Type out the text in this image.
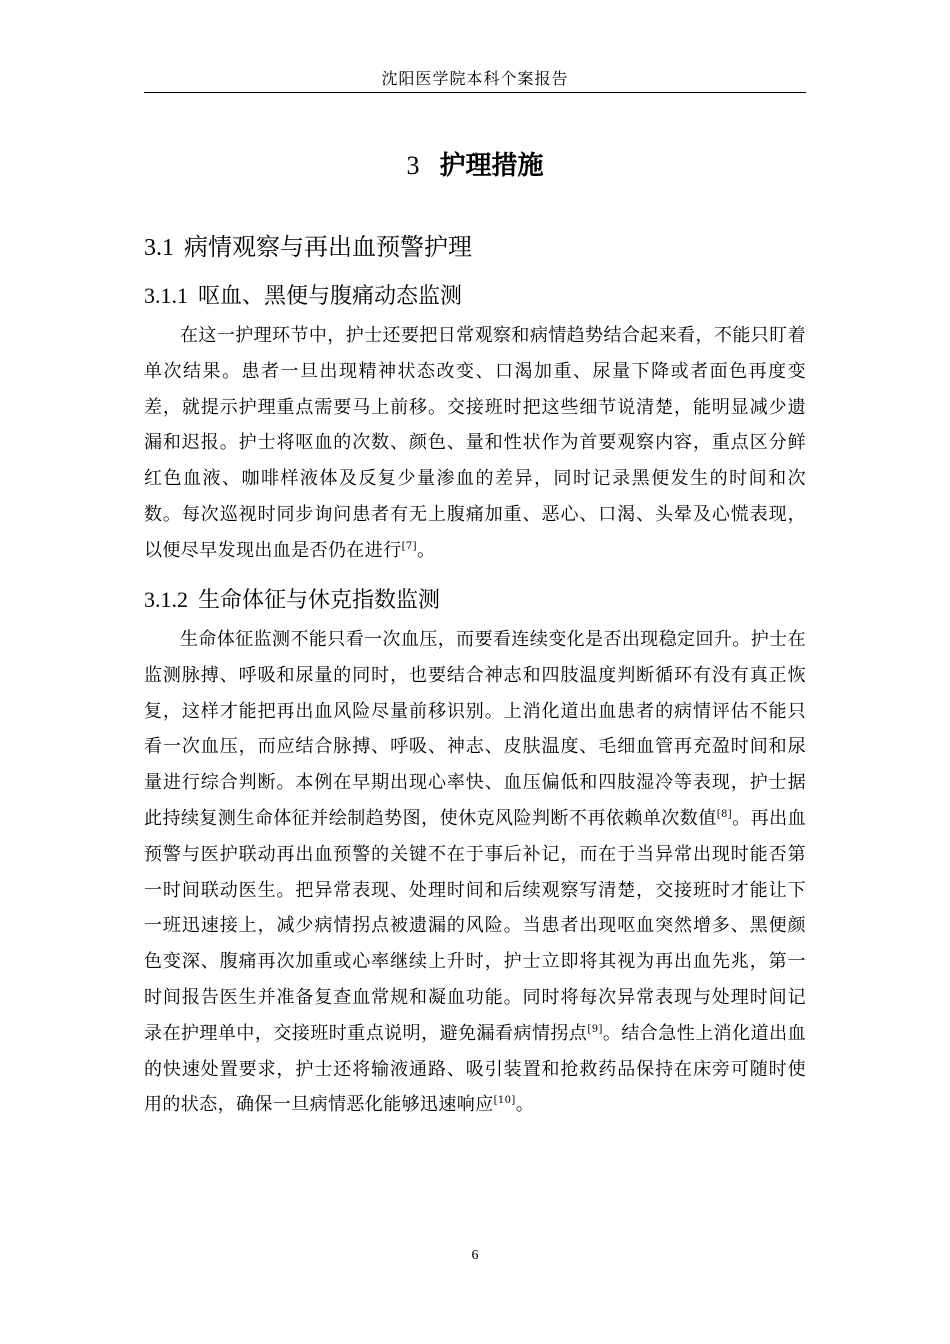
沈阳医学院本科个案报告
3 护理措施
3.1 病情观察与再出血预警护理
3.1.1 呕血、黑便与腹痛动态监测

在这一护理环节中，护士还要把日常观察和病情趋势结合起来看，不能只盯着单次结果。患者一旦出现精神状态改变、口渴加重、尿量下降或者面色再度变差，就提示护理重点需要马上前移。交接班时把这些细节说清楚，能明显减少遗漏和迟报。护士将呕血的次数、颜色、量和性状作为首要观察内容，重点区分鲜红色血液、咖啡样液体及反复少量渗血的差异，同时记录黑便发生的时间和次数。每次巡视时同步询问患者有无上腹痛加重、恶心、口渴、头晕及心慌表现，以便尽早发现出血是否仍在进行[7]。

3.1.2 生命体征与休克指数监测

生命体征监测不能只看一次血压，而要看连续变化是否出现稳定回升。护士在监测脉搏、呼吸和尿量的同时，也要结合神志和四肢温度判断循环有没有真正恢复，这样才能把再出血风险尽量前移识别。上消化道出血患者的病情评估不能只看一次血压，而应结合脉搏、呼吸、神志、皮肤温度、毛细血管再充盈时间和尿量进行综合判断。本例在早期出现心率快、血压偏低和四肢湿冷等表现，护士据此持续复测生命体征并绘制趋势图，使休克风险判断不再依赖单次数值[8]。再出血预警与医护联动再出血预警的关键不在于事后补记，而在于当异常出现时能否第一时间联动医生。把异常表现、处理时间和后续观察写清楚，交接班时才能让下一班迅速接上，减少病情拐点被遗漏的风险。当患者出现呕血突然增多、黑便颜色变深、腹痛再次加重或心率继续上升时，护士立即将其视为再出血先兆，第一时间报告医生并准备复查血常规和凝血功能。同时将每次异常表现与处理时间记录在护理单中，交接班时重点说明，避免漏看病情拐点[9]。结合急性上消化道出血的快速处置要求，护士还将输液通路、吸引装置和抢救药品保持在床旁可随时使用的状态，确保一旦病情恶化能够迅速响应[10]。

6
